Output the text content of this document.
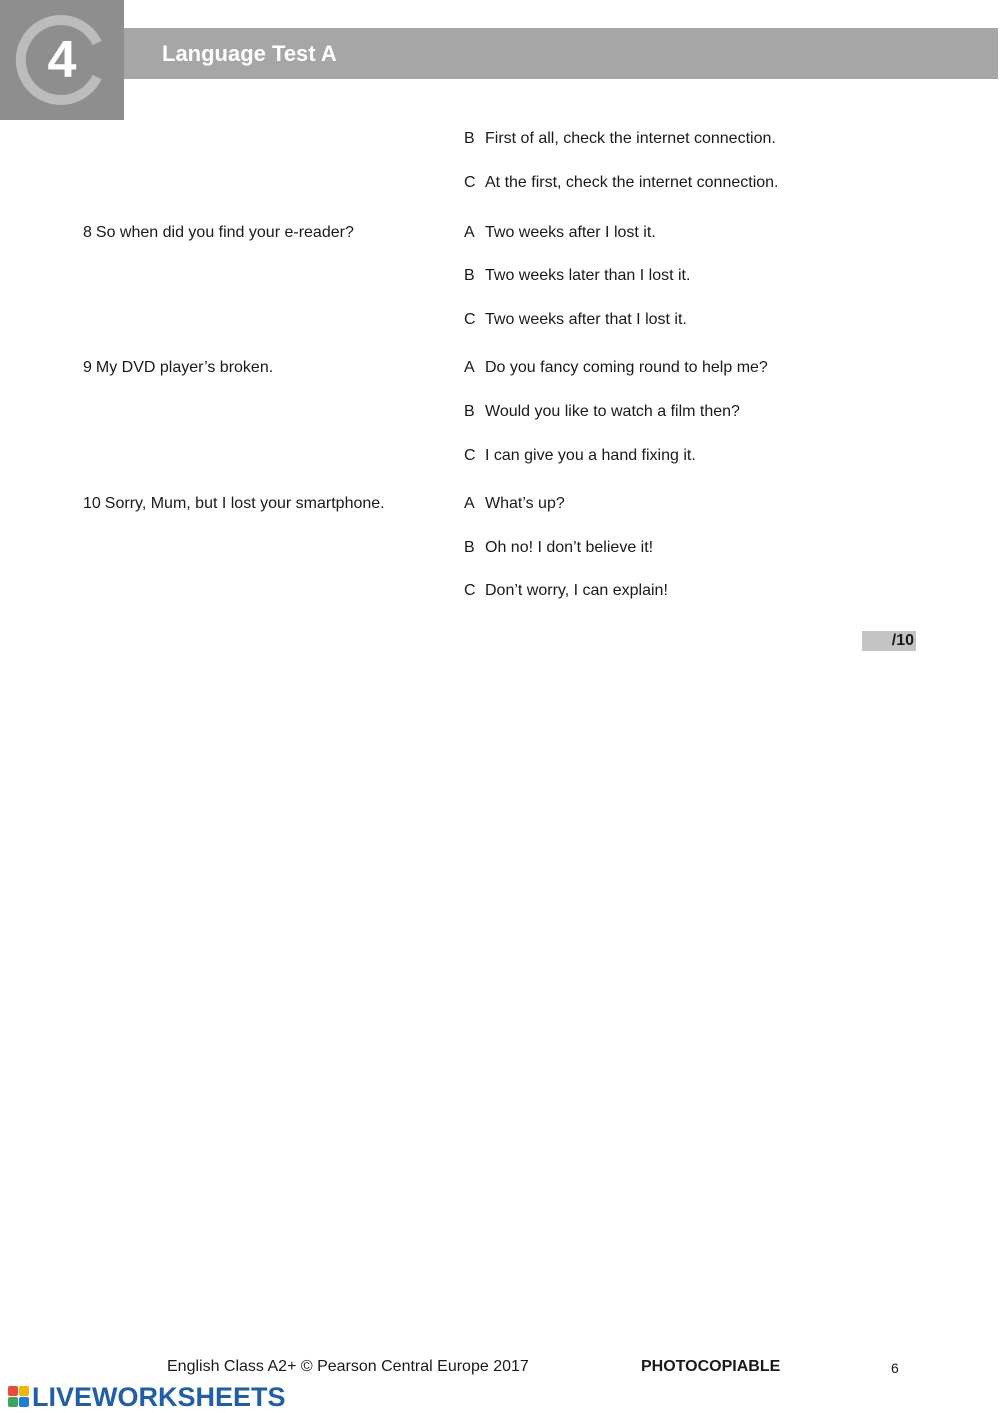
4	Language Test A
B First of all, check the internet connection.
C At the first, check the internet connection.
8 So when did you find your e-reader?	A Two weeks after I lost it.
B Two weeks later than I lost it.
C Two weeks after that I lost it.
9 My DVD player’s broken.	A Do you fancy coming round to help me?
B Would you like to watch a film then?
C I can give you a hand fixing it.
10 Sorry, Mum, but I lost your smartphone.	A What’s up?
B Oh no! I don’t believe it!
C Don’t worry, I can explain!
/10
English Class A2+ © Pearson Central Europe 2017	PHOTOCOPIABLE	6
LIVEWORKSHEETS
